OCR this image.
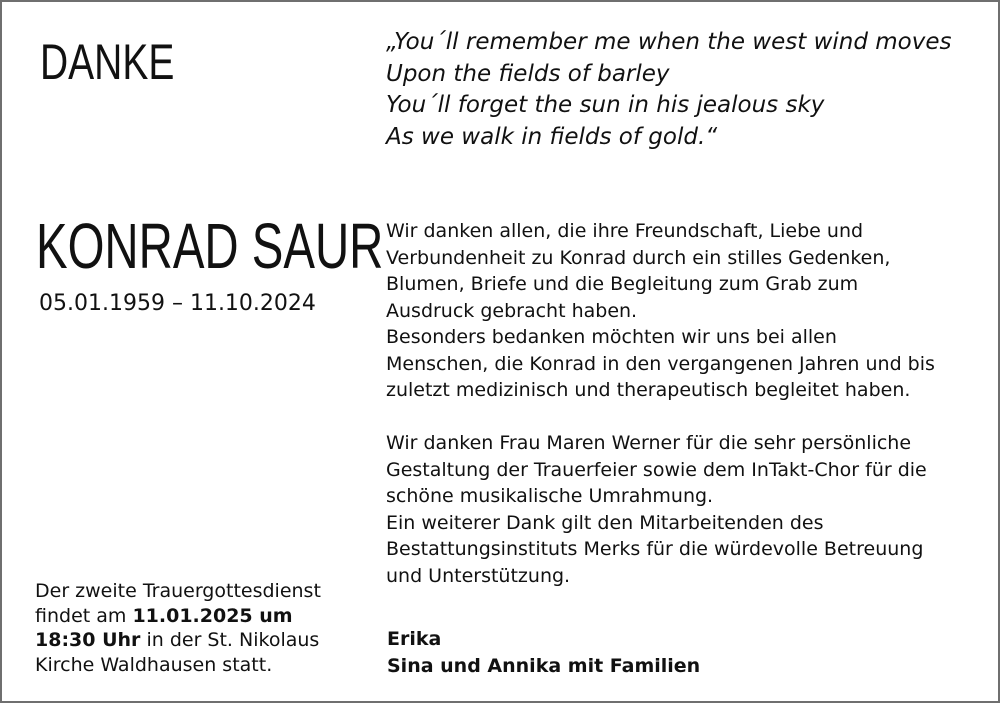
DANKE	„You´ll remember me when the west wind moves
Upon the fields of barley
You´ll forget the sun in his jealous sky
As we walk in fields of gold.“
KONRAD SAUR
05.01.1959 – 11.10.2024

Wir danken allen, die ihre Freundschaft, Liebe und

Verbundenheit zu Konrad durch ein stilles Gedenken,

Blumen, Briefe und die Begleitung zum Grab zum

Ausdruck gebracht haben.

Besonders bedanken möchten wir uns bei allen

Menschen, die Konrad in den vergangenen Jahren und bis

zuletzt medizinisch und therapeutisch begleitet haben.

Wir danken Frau Maren Werner für die sehr persönliche

Gestaltung der Trauerfeier sowie dem InTakt-Chor für die

schöne musikalische Umrahmung.

Ein weiterer Dank gilt den Mitarbeitenden des

Bestattungsinstituts Merks für die würdevolle Betreuung

und Unterstützung.

Der zweite Trauergottesdienst

findet am 11.01.2025 um

18:30 Uhr in der St. Nikolaus

Kirche Waldhausen statt.

Erika
Sina und Annika mit Familien
